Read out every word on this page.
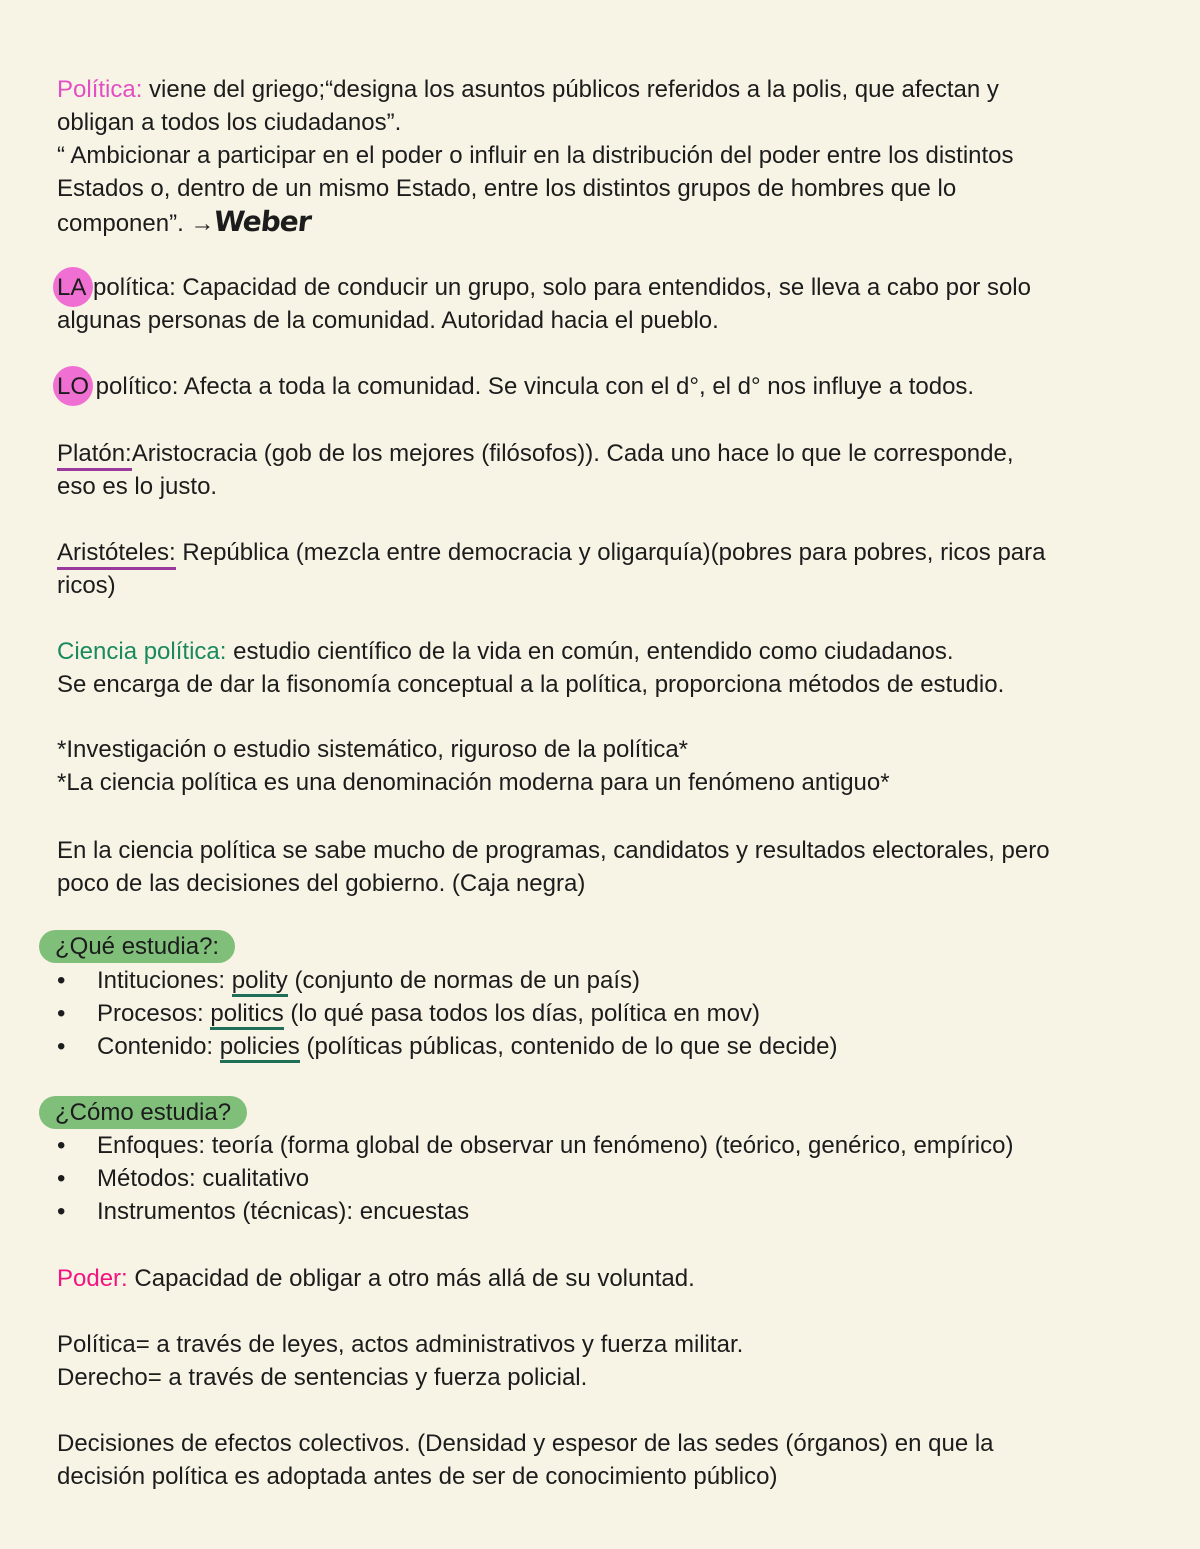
Política: viene del griego;“designa los asuntos públicos referidos a la polis, que afectan y
obligan a todos los ciudadanos”.
“ Ambicionar a participar en el poder o influir en la distribución del poder entre los distintos
Estados o, dentro de un mismo Estado, entre los distintos grupos de hombres que lo
componen”. →Weber
LA política: Capacidad de conducir un grupo, solo para entendidos, se lleva a cabo por solo
algunas personas de la comunidad. Autoridad hacia el pueblo.
LO político: Afecta a toda la comunidad. Se vincula con el d°, el d° nos influye a todos.
Platón:Aristocracia (gob de los mejores (filósofos)). Cada uno hace lo que le corresponde,
eso es lo justo.
Aristóteles: República (mezcla entre democracia y oligarquía)(pobres para pobres, ricos para
ricos)
Ciencia política: estudio científico de la vida en común, entendido como ciudadanos.
Se encarga de dar la fisonomía conceptual a la política, proporciona métodos de estudio.
*Investigación o estudio sistemático, riguroso de la política*
*La ciencia política es una denominación moderna para un fenómeno antiguo*
En la ciencia política se sabe mucho de programas, candidatos y resultados electorales, pero
poco de las decisiones del gobierno. (Caja negra)
¿Qué estudia?:
• Intituciones: polity (conjunto de normas de un país)
• Procesos: politics (lo qué pasa todos los días, política en mov)
• Contenido: policies (políticas públicas, contenido de lo que se decide)
¿Cómo estudia?
• Enfoques: teoría (forma global de observar un fenómeno) (teórico, genérico, empírico)
• Métodos: cualitativo
• Instrumentos (técnicas): encuestas
Poder: Capacidad de obligar a otro más allá de su voluntad.
Política= a través de leyes, actos administrativos y fuerza militar.
Derecho= a través de sentencias y fuerza policial.
Decisiones de efectos colectivos. (Densidad y espesor de las sedes (órganos) en que la
decisión política es adoptada antes de ser de conocimiento público)
